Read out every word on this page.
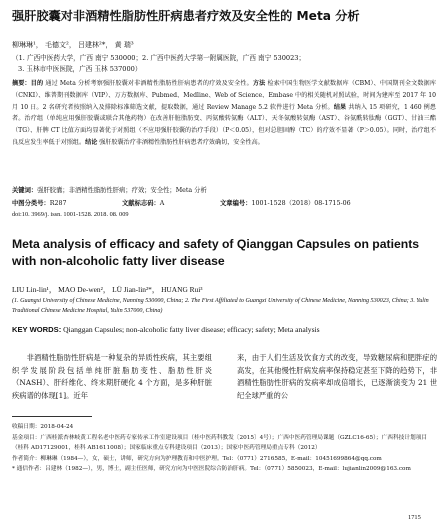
强肝胶囊对非酒精性脂肪性肝病患者疗效及安全性的 Meta 分析
柳琳琳¹， 毛德文²， 吕建林²*， 黄 瑞³
（1. 广西中医药大学，广西 南宁 530000；2. 广西中医药大学第一附属医院，广西 南宁 530023；
3. 玉林市中医医院，广西 玉林 537000）

摘要：目的 通过 Meta 分析考察强肝胶囊对非酒精性脂肪性肝病患者的疗效及安全性。方法 检索中国生物医学文献数据库（CBM）、中国期刊全文数据库（CNKI）、维普期刊数据库（VIP）、万方数据库、Pubmed、Medline、Web of Science、Embase 中的相关随机对照试验，时间为建库至 2017 年 10 月 10 日。2 名研究者按照纳入及排除标准筛选文献，提取数据，通过 Review Manage 5.2 软件进行 Meta 分析。结果 共纳入 15 项研究，1 460 例患者。治疗组（单纯应用强肝胶囊或联合其他药物）在改善肝脏脂肪变、丙氨酸转氨酶（ALT）、天冬氨酸转氨酶（AST）、谷氨酰转肽酶（GGT）、甘油三酯（TG）、肝脾 CT 比值方面均显著优于对照组（不应用强肝胶囊的治疗手段）（P＜0.05），但对总胆固醇（TC）的疗效不显著（P＞0.05）。同时，治疗组不良反应发生率低于对照组。结论 强肝胶囊治疗非酒精性脂肪性肝病患者疗效确切，安全性高。

关键词：强肝胶囊；非酒精性脂肪性肝病；疗效；安全性；Meta 分析
中图分类号：R287	文献标志码：A	文章编号：1001-1528（2018）08-1715-06
doi:10. 3969/j. issn. 1001-1528. 2018. 08. 009
Meta analysis of efficacy and safety of Qianggan Capsules on patients with non-alcoholic fatty liver disease
LIU Lin-lin¹， MAO De-wen²， LÜ Jian-lin²*， HUANG Rui³
(1. Guangxi University of Chinese Medicine, Nanning 530000, China; 2. The First Affiliated to Guangxi University of Chinese Medicine, Nanning 530023, China; 3. Yulin Traditional Chinese Medicine Hospital, Yulin 537000, China)
KEY WORDS: Qianggan Capsules; non-alcoholic fatty liver disease; efficacy; safety; Meta analysis

非酒精性脂肪性肝病是一种复杂的异质性疾病，其主要组织学发展阶段包括单纯肝脏脂肪变性、脂肪性肝炎（NASH）、肝纤维化、终末期肝硬化 4 个方面，是多种肝脏疾病谱的体现[1]。近年

来，由于人们生活及饮食方式的改变，导致糖尿病和肥胖症的高发，在其他慢性肝病发病率保持稳定甚至下降的趋势下，非酒精性脂肪性肝病的发病率却成倍增长，已逐渐演变为 21 世纪全球严重的公

收稿日期：2018-04-24

基金项目：广西桂派杏林岐黄工程名老中医药专家传承工作室建设项目（桂中医药科教发〔2015〕4号）；广西中医药管理局课题（GZLC16-65）；广西科技计划项目（桂科 AD17129001，桂科 AB1611008）；国家临床重点专科建设项目（2013）；国家中医药管理局重点专科（2012）

作者简介：柳琳琳（1984—），女，硕士，讲师，研究方向为护理教育和中医护理。Tel：（0771）2716585，E-mail：10451699864@qq.com

* 通信作者：吕建林（1982—），男，博士，副主任医师，研究方向为中医医院综合防治肝病。Tel：（0771）5850023，E-mail：lujianlin2009@163.com

1715
